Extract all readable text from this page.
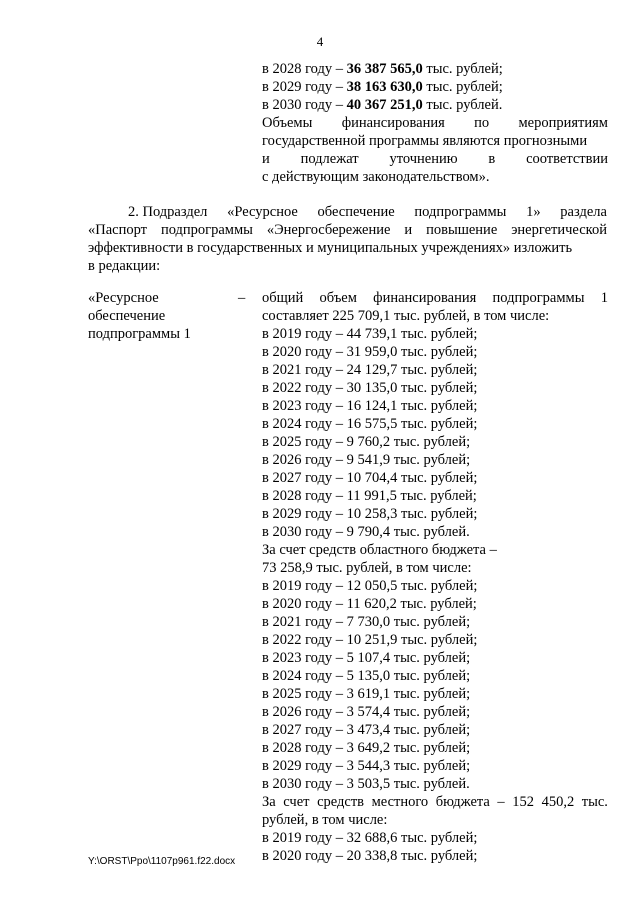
4
в 2028 году – 36 387 565,0 тыс. рублей;
в 2029 году – 38 163 630,0 тыс. рублей;
в 2030 году – 40 367 251,0 тыс. рублей.
Объемы финансирования по мероприятиям
государственной программы являются прогнозными
и подлежат уточнению в соответствии
с действующим законодательством».
2. Подраздел «Ресурсное обеспечение подпрограммы 1» раздела
«Паспорт подпрограммы «Энергосбережение и повышение энергетической
эффективности в государственных и муниципальных учреждениях» изложить
в редакции:
«Ресурсное	–
обеспечение
подпрограммы 1
общий объем финансирования подпрограммы 1
составляет 225 709,1 тыс. рублей, в том числе:
в 2019 году – 44 739,1 тыс. рублей;
в 2020 году – 31 959,0 тыс. рублей;
в 2021 году – 24 129,7 тыс. рублей;
в 2022 году – 30 135,0 тыс. рублей;
в 2023 году – 16 124,1 тыс. рублей;
в 2024 году – 16 575,5 тыс. рублей;
в 2025 году – 9 760,2 тыс. рублей;
в 2026 году – 9 541,9 тыс. рублей;
в 2027 году – 10 704,4 тыс. рублей;
в 2028 году – 11 991,5 тыс. рублей;
в 2029 году – 10 258,3 тыс. рублей;
в 2030 году – 9 790,4 тыс. рублей.
За счет средств областного бюджета –
73 258,9 тыс. рублей, в том числе:
в 2019 году – 12 050,5 тыс. рублей;
в 2020 году – 11 620,2 тыс. рублей;
в 2021 году – 7 730,0 тыс. рублей;
в 2022 году – 10 251,9 тыс. рублей;
в 2023 году – 5 107,4 тыс. рублей;
в 2024 году – 5 135,0 тыс. рублей;
в 2025 году – 3 619,1 тыс. рублей;
в 2026 году – 3 574,4 тыс. рублей;
в 2027 году – 3 473,4 тыс. рублей;
в 2028 году – 3 649,2 тыс. рублей;
в 2029 году – 3 544,3 тыс. рублей;
в 2030 году – 3 503,5 тыс. рублей.
За счет средств местного бюджета – 152 450,2 тыс.
рублей, в том числе:
в 2019 году – 32 688,6 тыс. рублей;
в 2020 году – 20 338,8 тыс. рублей;
Y:\ORST\Ppo\1107p961.f22.docx
